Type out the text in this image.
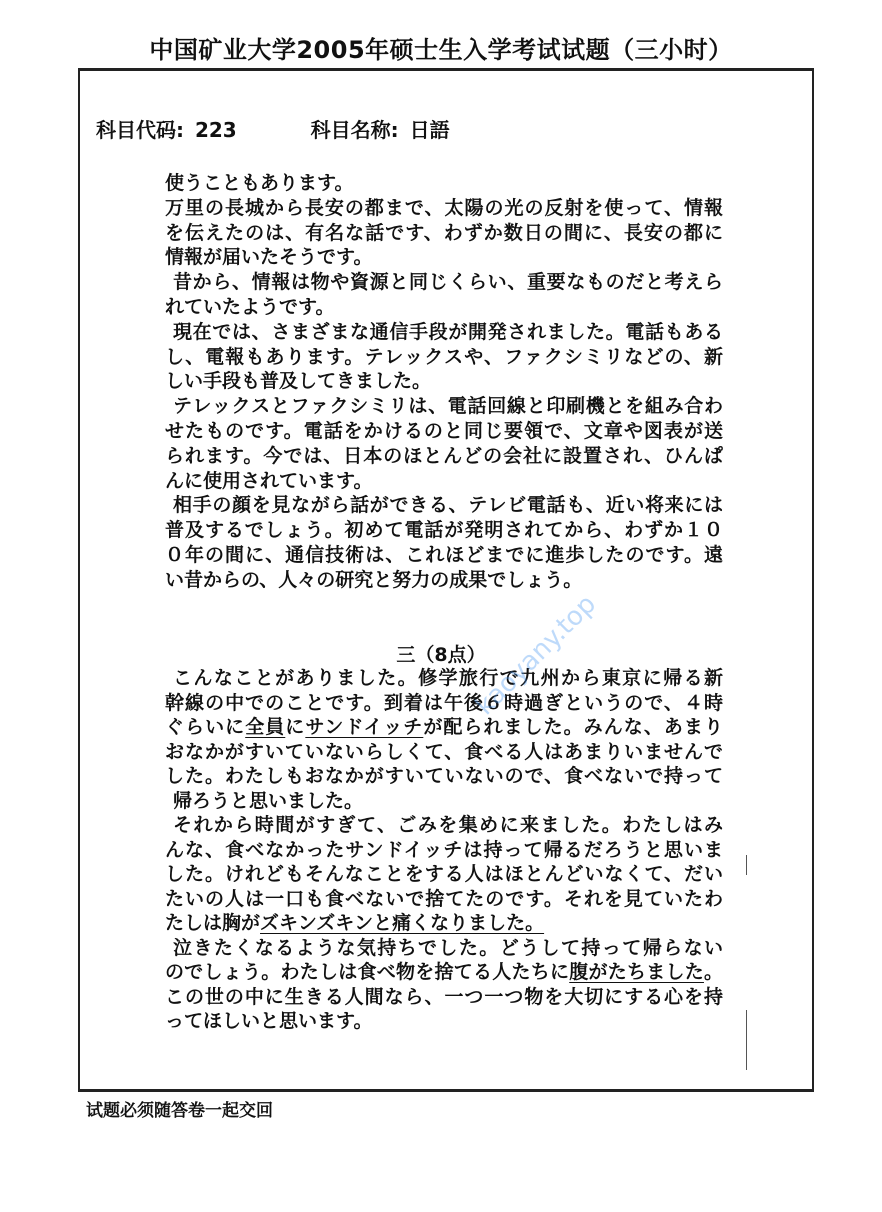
中国矿业大学2005年硕士生入学考试试题（三小时）
科目代码: 223	科目名称: 日語
使うこともあります。
万里の長城から長安の都まで、太陽の光の反射を使って、情報
を伝えたのは、有名な話です、わずか数日の間に、長安の都に
情報が届いたそうです。
昔から、情報は物や資源と同じくらい、重要なものだと考えら
れていたようです。
現在では、さまざまな通信手段が開発されました。電話もある
し、電報もあります。テレックスや、ファクシミリなどの、新
しい手段も普及してきました。
テレックスとファクシミリは、電話回線と印刷機とを組み合わ
せたものです。電話をかけるのと同じ要領で、文章や図表が送
られます。今では、日本のほとんどの会社に設置され、ひんぱ
んに使用されています。
相手の顔を見ながら話ができる、テレビ電話も、近い将来には
普及するでしょう。初めて電話が発明されてから、わずか１０
０年の間に、通信技術は、これほどまでに進歩したのです。遠
い昔からの、人々の研究と努力の成果でしょう。
三（8点）
こんなことがありました。修学旅行で九州から東京に帰る新
幹線の中でのことです。到着は午後６時過ぎというので、４時
ぐらいに全員にサンドイッチが配られました。みんな、あまり
おなかがすいていないらしくて、食べる人はあまりいませんで
した。わたしもおなかがすいていないので、食べないで持って
帰ろうと思いました。
それから時間がすぎて、ごみを集めに来ました。わたしはみ
んな、食べなかったサンドイッチは持って帰るだろうと思いま
した。けれどもそんなことをする人はほとんどいなくて、だい
たいの人は一口も食べないで捨てたのです。それを見ていたわ
たしは胸がズキンズキンと痛くなりました。
泣きたくなるような気持ちでした。どうして持って帰らない
のでしょう。わたしは食べ物を捨てる人たちに腹がたちました。
この世の中に生きる人間なら、一つ一つ物を大切にする心を持
ってほしいと思います。
试题必须随答卷一起交回
kaoyany.top
